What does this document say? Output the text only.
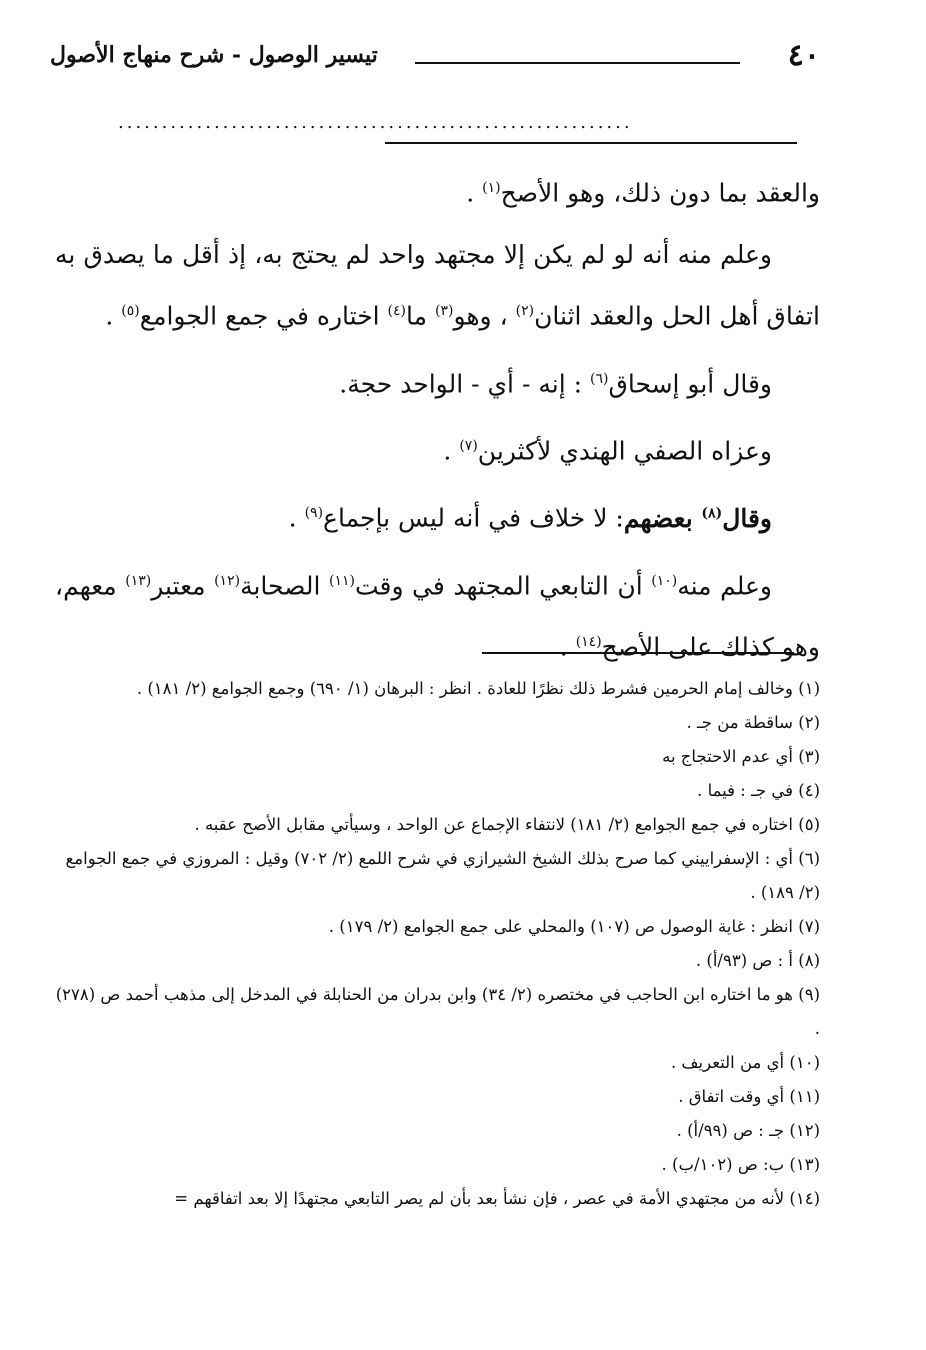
٤٠
تيسير الوصول - شرح منهاج الأصول
...........................................................

والعقد بما دون ذلك، وهو الأصح$^{(١)}$ .

وعلم منه أنه لو لم يكن إلا مجتهد واحد لم يحتج به، إذ أقل ما يصدق به اتفاق أهل الحل والعقد اثنان$^{(٢)}$ ، وهو$^{(٣)}$ ما$^{(٤)}$ اختاره في جمع الجوامع$^{(٥)}$ .

وقال أبو إسحاق$^{(٦)}$ : إنه - أي - الواحد حجة.

وعزاه الصفي الهندي لأكثرين$^{(٧)}$ .

وقال$^{(٨)}$ بعضهم: لا خلاف في أنه ليس بإجماع$^{(٩)}$ .

وعلم منه$^{(١٠)}$ أن التابعي المجتهد في وقت$^{(١١)}$ الصحابة$^{(١٢)}$ معتبر$^{(١٣)}$ معهم، وهو كذلك على الأصح$^{(١٤)}$ .

(١) وخالف إمام الحرمين فشرط ذلك نظرًا للعادة . انظر : البرهان (١/ ٦٩٠) وجمع الجوامع (٢/ ١٨١) .

(٢) ساقطة من جـ .

(٣) أي عدم الاحتجاج به

(٤) في جـ : فيما .

(٥) اختاره في جمع الجوامع (٢/ ١٨١) لانتفاء الإجماع عن الواحد ، وسيأتي مقابل الأصح عقبه .

(٦) أي : الإسفراييني كما صرح بذلك الشيخ الشيرازي في شرح اللمع (٢/ ٧٠٢) وقيل : المروزي في جمع الجوامع (٢/ ١٨٩) .

(٧) انظر : غاية الوصول ص (١٠٧) والمحلي على جمع الجوامع (٢/ ١٧٩) .

(٨) أ : ص (٩٣/أ) .

(٩) هو ما اختاره ابن الحاجب في مختصره (٢/ ٣٤) وابن بدران من الحنابلة في المدخل إلى مذهب أحمد ص (٢٧٨) .

(١٠) أي من التعريف .

(١١) أي وقت اتفاق .

(١٢) جـ : ص (٩٩/أ) .

(١٣) ب: ص (١٠٢/ب) .

(١٤) لأنه من مجتهدي الأمة في عصر ، فإن نشأ بعد بأن لم يصر التابعي مجتهدًا إلا بعد اتفاقهم =
